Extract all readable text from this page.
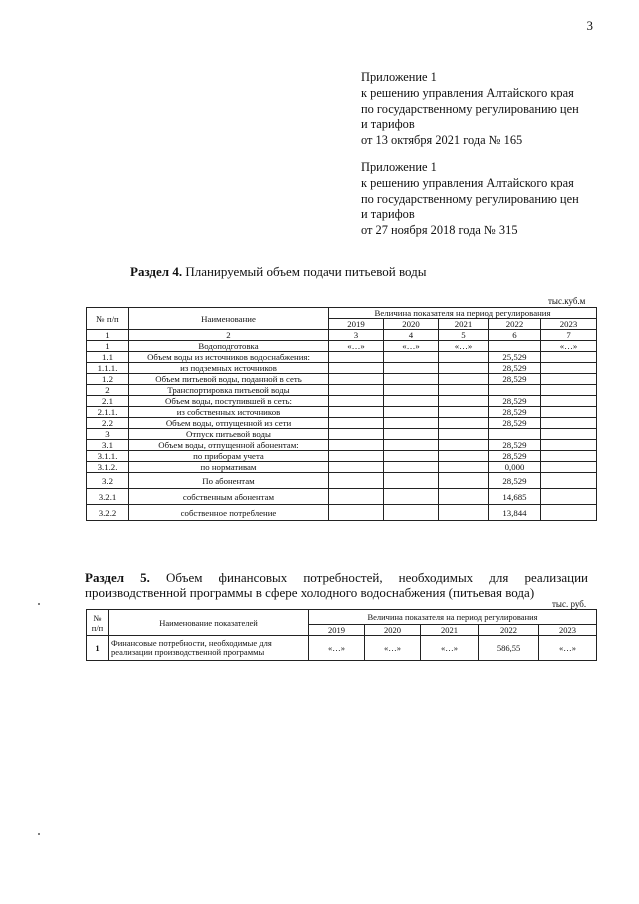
3
Приложение 1
к решению управления Алтайского края
по государственному регулированию цен
и тарифов
от 13 октября 2021 года № 165
Приложение 1
к решению управления Алтайского края
по государственному регулированию цен
и тарифов
от 27 ноября 2018 года № 315
Раздел 4. Планируемый объем подачи питьевой воды
тыс.куб.м
№ п/п	Наименование	Величина показателя на период регулирования				
		2019	2020	2021	2022	2023
1	2	3	4	5	6	7
1	Водоподготовка	«…»	«…»	«…»		«…»
1.1	Объем воды из источников водоснабжения:				25,529	
1.1.1.	из подземных источников				28,529	
1.2	Объем питьевой воды, поданной в сеть				28,529	
2	Транспортировка питьевой воды					
2.1	Объем воды, поступившей в сеть:				28,529	
2.1.1.	из собственных источников				28,529	
2.2	Объем воды, отпущенной из сети				28,529	
3	Отпуск питьевой воды					
3.1	Объем воды, отпущенной абонентам:				28,529	
3.1.1.	по приборам учета				28,529	
3.1.2.	по нормативам				0,000	
3.2	По абонентам				28,529	
3.2.1	собственным абонентам				14,685	
3.2.2	собственное потребление				13,844	
Раздел 5. Объем финансовых потребностей, необходимых для реализации производственной программы в сфере холодного водоснабжения (питьевая вода)
тыс. руб.
№ п/п	Наименование показателей	Величина показателя на период регулирования				
		2019	2020	2021	2022	2023
1	Финансовые потребности, необходимые для реализации производственной программы	«…»	«…»	«…»	586,55	«…»
